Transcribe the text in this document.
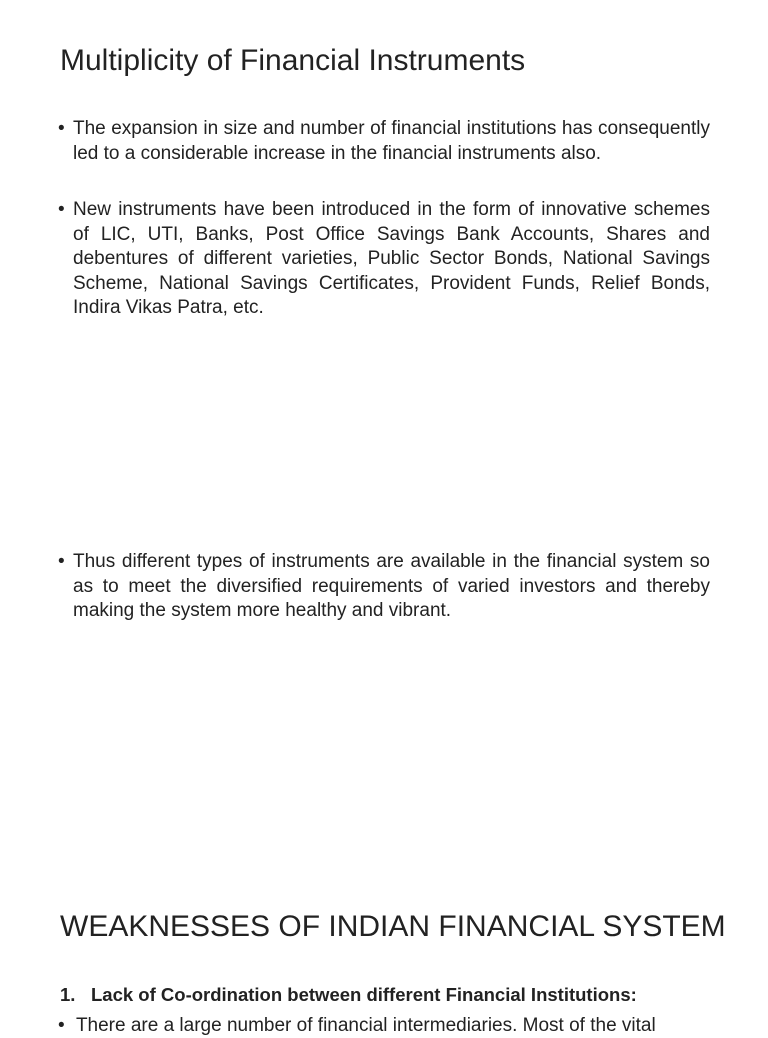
Multiplicity of Financial Instruments
• The expansion in size and number of financial institutions has consequently led to a considerable increase in the financial instruments also.
• New instruments have been introduced in the form of innovative schemes of LIC, UTI, Banks, Post Office Savings Bank Accounts, Shares and debentures of different varieties, Public Sector Bonds, National Savings Scheme, National Savings Certificates, Provident Funds, Relief Bonds, Indira Vikas Patra, etc.
• Thus different types of instruments are available in the financial system so as to meet the diversified requirements of varied investors and thereby making the system more healthy and vibrant.
WEAKNESSES OF INDIAN FINANCIAL SYSTEM
1. Lack of Co-ordination between different Financial Institutions:
• There are a large number of financial intermediaries. Most of the vital
